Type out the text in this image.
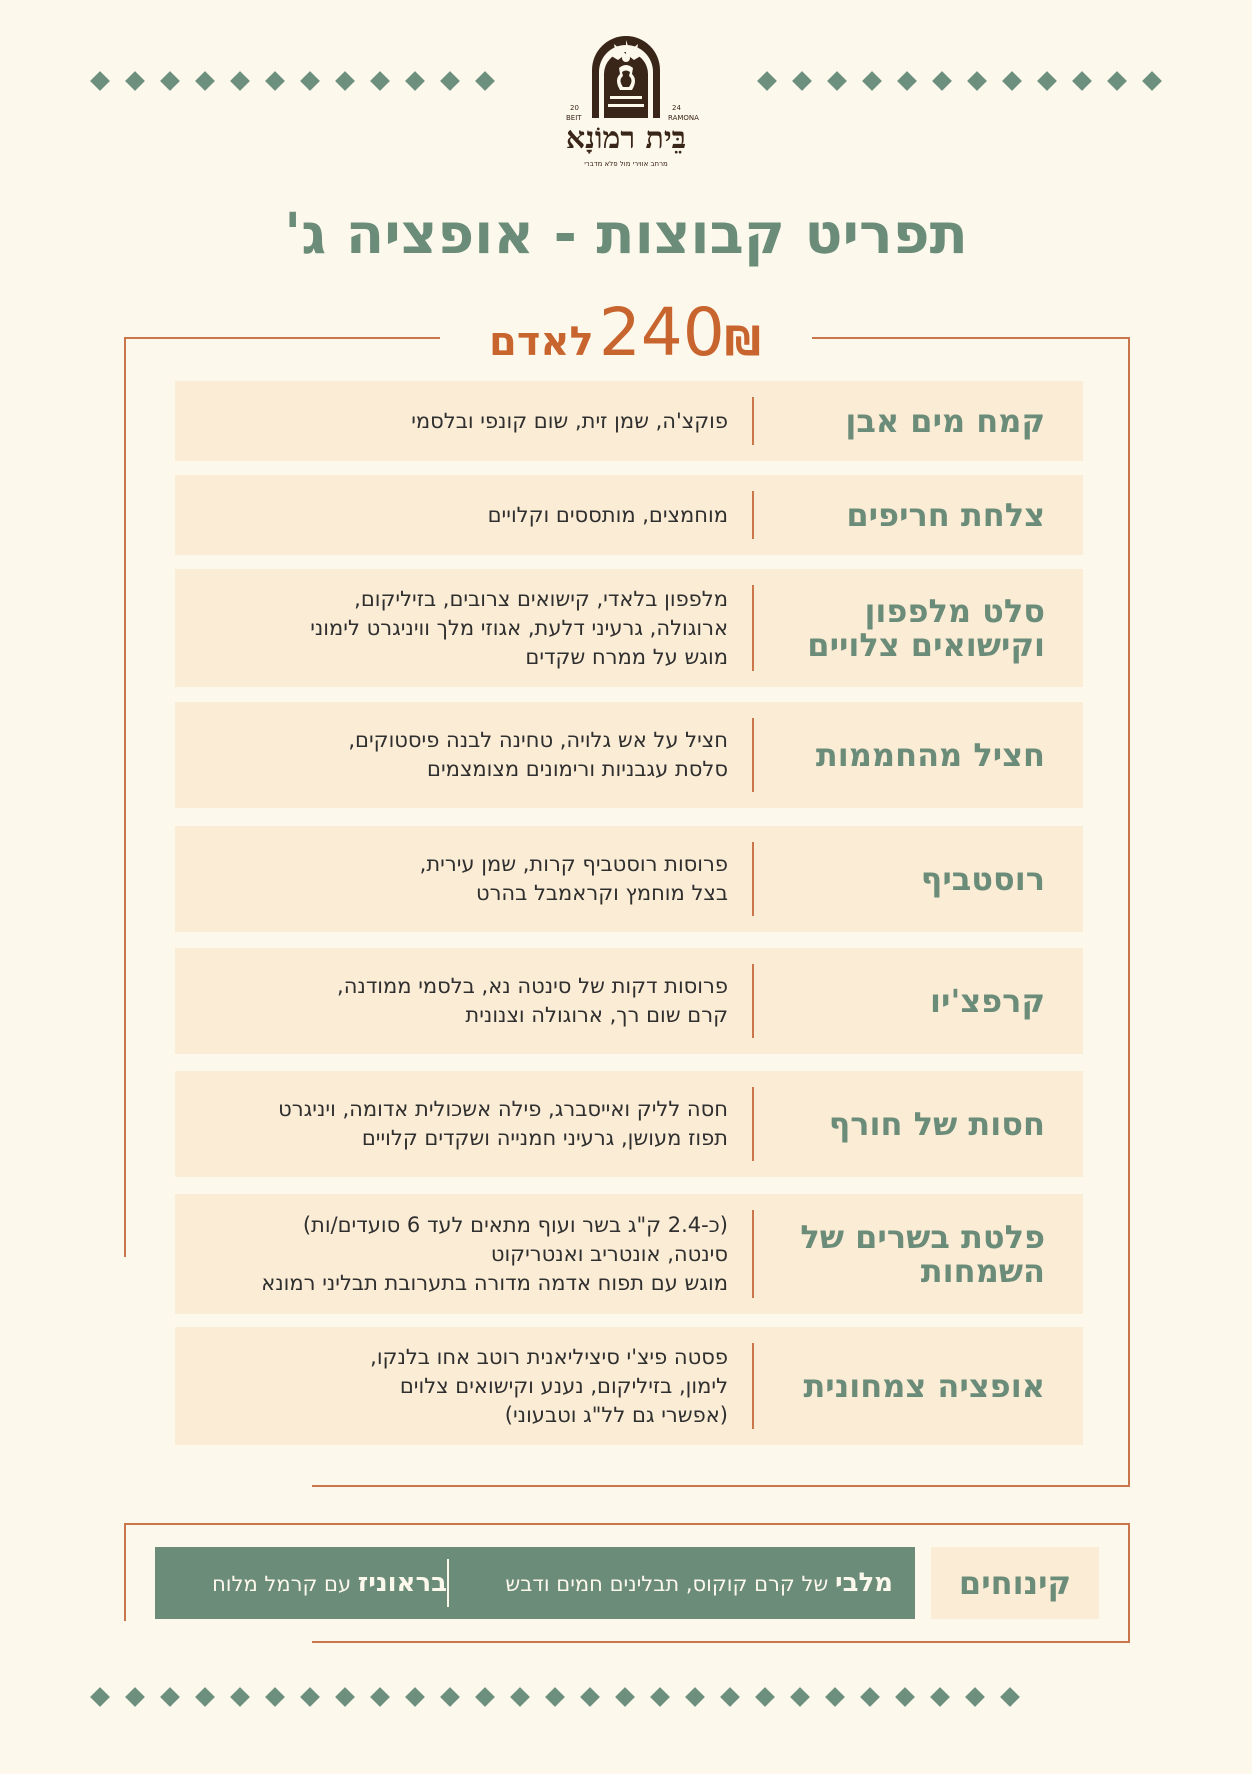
20	24
BEIT	RAMONA
בֵּית רמוֹנָא
מרחב אווירי מול פלא מדברי
תפריט קבוצות - אופציה ג'
240₪ לאדם
קמח מים אבן
פוקצ'ה, שמן זית, שום קונפי ובלסמי
צלחת חריפים
מוחמצים, מותססים וקלויים
סלט מלפפון וקישואים צלויים
מלפפון בלאדי, קישואים צרובים, בזיליקום,
ארוגולה, גרעיני דלעת, אגוזי מלך וויניגרט לימוני
מוגש על ממרח שקדים
חציל מהחממות
חציל על אש גלויה, טחינה לבנה פיסטוקים,
סלסת עגבניות ורימונים מצומצמים
רוסטביף
פרוסות רוסטביף קרות, שמן עירית,
בצל מוחמץ וקראמבל בהרט
קרפצ'יו
פרוסות דקות של סינטה נא, בלסמי ממודנה,
קרם שום רך, ארוגולה וצנונית
חסות של חורף
חסה לליק ואייסברג, פילה אשכולית אדומה, ויניגרט
תפוז מעושן, גרעיני חמנייה ושקדים קלויים
פלטת בשרים של השמחות
(כ-2.4 ק"ג בשר ועוף מתאים לעד 6 סועדים/ות)
סינטה, אונטריב ואנטריקוט
מוגש עם תפוח אדמה מדורה בתערובת תבליני רמונא
אופציה צמחונית
פסטה פיצ'י סיציליאנית רוטב אחו בלנקו,
לימון, בזיליקום, נענע וקישואים צלוים
(אפשרי גם לל"ג וטבעוני)
קינוחים
מלבי של קרם קוקוס, תבלינים חמים ודבש
בראוניז עם קרמל מלוח
